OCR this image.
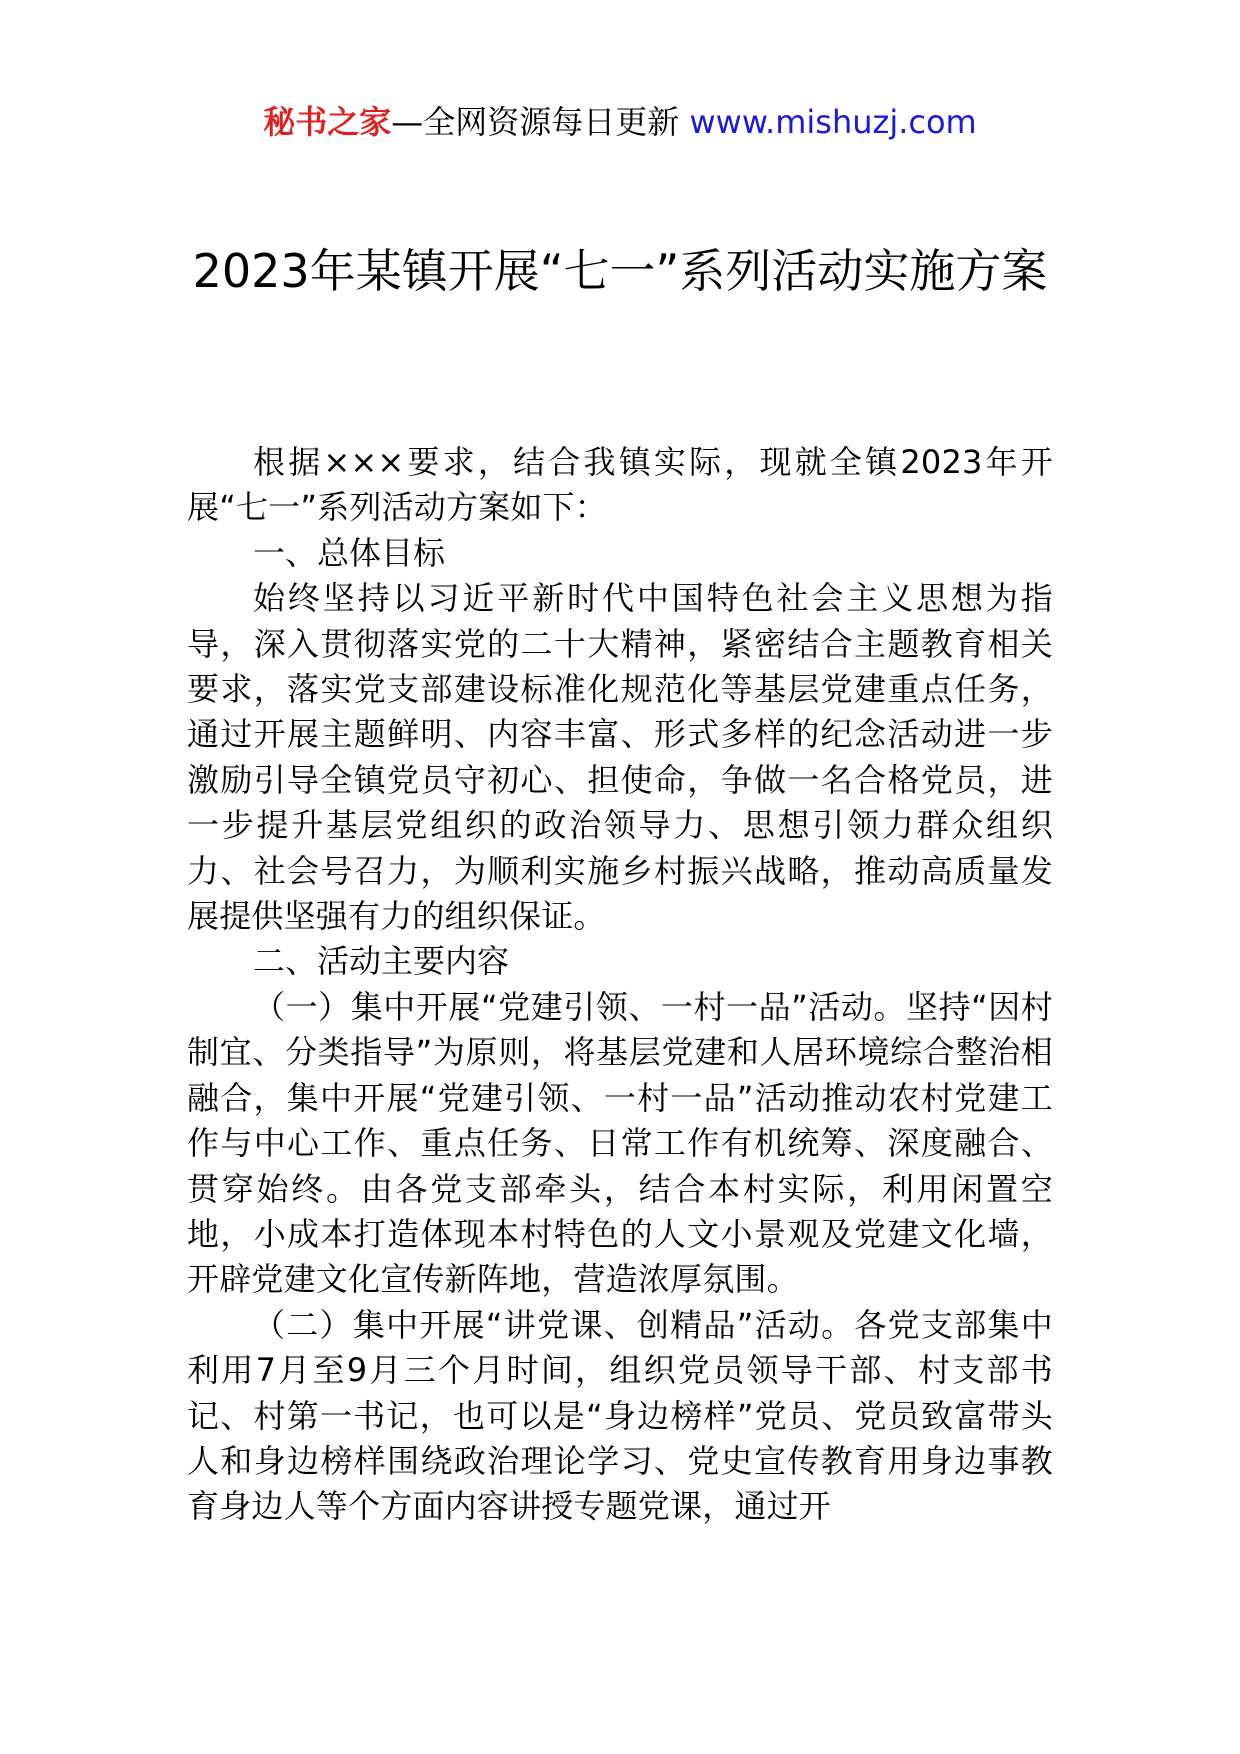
秘书之家—全网资源每日更新 www.mishuzj.com
2023年某镇开展“七一”系列活动实施方案

根据×××要求，结合我镇实际，现就全镇2023年开展“七一”系列活动方案如下：

一、总体目标

始终坚持以习近平新时代中国特色社会主义思想为指导，深入贯彻落实党的二十大精神，紧密结合主题教育相关要求，落实党支部建设标准化规范化等基层党建重点任务，通过开展主题鲜明、内容丰富、形式多样的纪念活动进一步激励引导全镇党员守初心、担使命，争做一名合格党员，进一步提升基层党组织的政治领导力、思想引领力群众组织力、社会号召力，为顺利实施乡村振兴战略，推动高质量发展提供坚强有力的组织保证。

二、活动主要内容

（一）集中开展“党建引领、一村一品”活动。坚持“因村制宜、分类指导”为原则，将基层党建和人居环境综合整治相融合，集中开展“党建引领、一村一品”活动推动农村党建工作与中心工作、重点任务、日常工作有机统筹、深度融合、贯穿始终。由各党支部牵头，结合本村实际，利用闲置空地，小成本打造体现本村特色的人文小景观及党建文化墙，开辟党建文化宣传新阵地，营造浓厚氛围。

（二）集中开展“讲党课、创精品”活动。各党支部集中利用7月至9月三个月时间，组织党员领导干部、村支部书记、村第一书记，也可以是“身边榜样”党员、党员致富带头人和身边榜样围绕政治理论学习、党史宣传教育用身边事教育身边人等个方面内容讲授专题党课，通过开
